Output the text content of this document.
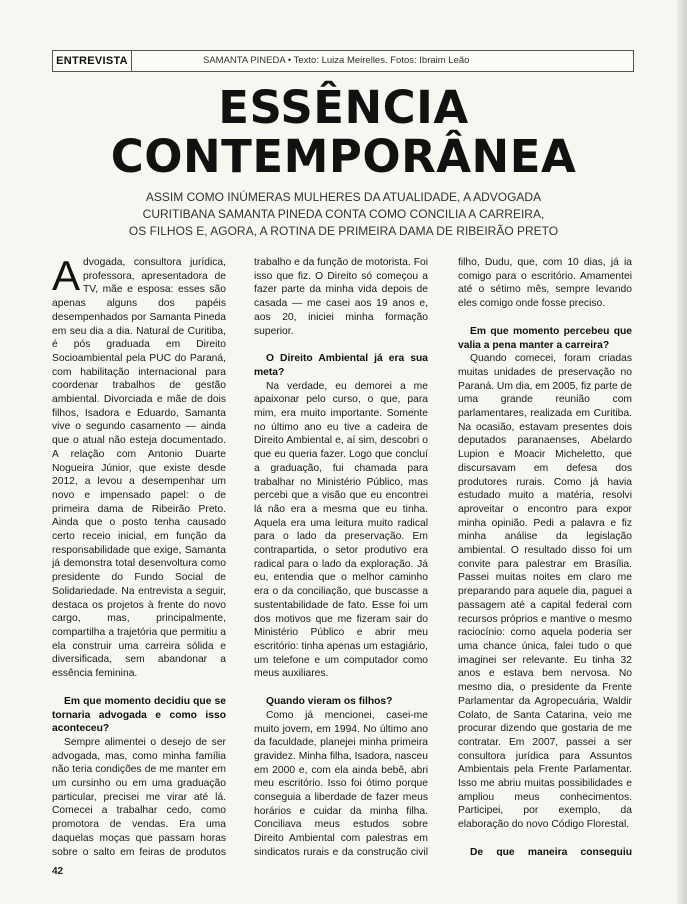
ENTREVISTA	SAMANTA PINEDA • Texto: Luiza Meirelles. Fotos: Ibraim Leão
ESSÊNCIA
CONTEMPORÂNEA
ASSIM COMO INÚMERAS MULHERES DA ATUALIDADE, A ADVOGADA
CURITIBANA SAMANTA PINEDA CONTA COMO CONCILIA A CARREIRA,
OS FILHOS E, AGORA, A ROTINA DE PRIMEIRA DAMA DE RIBEIRÃO PRETO

Advogada, consultora jurídica, professora, apresentadora de TV, mãe e esposa: esses são apenas alguns dos papéis desempenhados por Samanta Pineda em seu dia a dia. Natural de Curitiba, é pós graduada em Direito Socioambiental pela PUC do Paraná, com habilitação internacional para coordenar trabalhos de gestão ambiental. Divorciada e mãe de dois filhos, Isadora e Eduardo, Samanta vive o segundo casamento — ainda que o atual não esteja documentado. A relação com Antonio Duarte Nogueira Júnior, que existe desde 2012, a levou a desempenhar um novo e impensado papel: o de primeira dama de Ribeirão Preto. Ainda que o posto tenha causado certo receio inicial, em função da responsabilidade que exige, Samanta já demonstra total desenvoltura como presidente do Fundo Social de Solidariedade. Na entrevista a seguir, destaca os projetos à frente do novo cargo, mas, principalmente, compartilha a trajetória que permitiu a ela construir uma carreira sólida e diversificada, sem abandonar a essência feminina.

Em que momento decidiu que se tornaria advogada e como isso aconteceu?

Sempre alimentei o desejo de ser advogada, mas, como minha família não teria condições de me manter em um cursinho ou em uma graduação particular, precisei me virar até lá. Comecei a trabalhar cedo, como promotora de vendas. Era uma daquelas moças que passam horas sobre o salto em feiras de produtos

trabalho e da função de motorista. Foi isso que fiz. O Direito só começou a fazer parte da minha vida depois de casada — me casei aos 19 anos e, aos 20, iniciei minha formação superior.

O Direito Ambiental já era sua meta?

Na verdade, eu demorei a me apaixonar pelo curso, o que, para mim, era muito importante. Somente no último ano eu tive a cadeira de Direito Ambiental e, aí sim, descobri o que eu queria fazer. Logo que concluí a graduação, fui chamada para trabalhar no Ministério Público, mas percebi que a visão que eu encontrei lá não era a mesma que eu tinha. Aquela era uma leitura muito radical para o lado da preservação. Em contrapartida, o setor produtivo era radical para o lado da exploração. Já eu, entendia que o melhor caminho era o da conciliação, que buscasse a sustentabilidade de fato. Esse foi um dos motivos que me fizeram sair do Ministério Público e abrir meu escritório: tinha apenas um estagiário, um telefone e um computador como meus auxiliares.

Quando vieram os filhos?

Como já mencionei, casei-me muito jovem, em 1994. No último ano da faculdade, planejei minha primeira gravidez. Minha filha, Isadora, nasceu em 2000 e, com ela ainda bebê, abri meu escritório. Isso foi ótimo porque conseguia a liberdade de fazer meus horários e cuidar da minha filha. Conciliava meus estudos sobre Direito Ambiental com palestras em sindicatos rurais e da construção civil

filho, Dudu, que, com 10 dias, já ia comigo para o escritório. Amamentei até o sétimo mês, sempre levando eles comigo onde fosse preciso.

Em que momento percebeu que valia a pena manter a carreira?

Quando comecei, foram criadas muitas unidades de preservação no Paraná. Um dia, em 2005, fiz parte de uma grande reunião com parlamentares, realizada em Curitiba. Na ocasião, estavam presentes dois deputados paranaenses, Abelardo Lupion e Moacir Micheletto, que discursavam em defesa dos produtores rurais. Como já havia estudado muito a matéria, resolvi aproveitar o encontro para expor minha opinião. Pedi a palavra e fiz minha análise da legislação ambiental. O resultado disso foi um convite para palestrar em Brasília. Passei muitas noites em claro me preparando para aquele dia, paguei a passagem até a capital federal com recursos próprios e mantive o mesmo raciocínio: como aquela poderia ser uma chance única, falei tudo o que imaginei ser relevante. Eu tinha 32 anos e estava bem nervosa. No mesmo dia, o presidente da Frente Parlamentar da Agropecuária, Waldir Colato, de Santa Catarina, veio me procurar dizendo que gostaria de me contratar. Em 2007, passei a ser consultora jurídica para Assuntos Ambientais pela Frente Parlamentar. Isso me abriu muitas possibilidades e ampliou meus conhecimentos. Participei, por exemplo, da elaboração do novo Código Florestal.

De que maneira conseguiu

42
